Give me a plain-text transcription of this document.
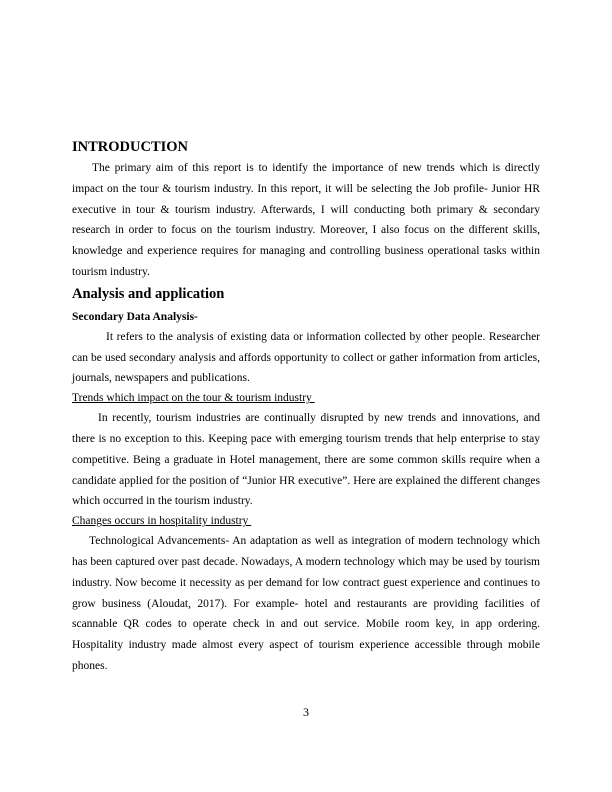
INTRODUCTION

The primary aim of this report is to identify the importance of new trends which is directly impact on the tour & tourism industry. In this report, it will be selecting the Job profile- Junior HR executive in tour & tourism industry. Afterwards, I will conducting both primary & secondary research in order to focus on the tourism industry. Moreover, I also focus on the different skills, knowledge and experience requires for managing and controlling business operational tasks within tourism industry.

Analysis and application
Secondary Data Analysis-

It refers to the analysis of existing data or information collected by other people. Researcher can be used secondary analysis and affords opportunity to collect or gather information from articles, journals, newspapers and publications.

Trends which impact on the tour & tourism industry

In recently, tourism industries are continually disrupted by new trends and innovations, and there is no exception to this. Keeping pace with emerging tourism trends that help enterprise to stay competitive. Being a graduate in Hotel management, there are some common skills require when a candidate applied for the position of “Junior HR executive”. Here are explained the different changes which occurred in the tourism industry.

Changes occurs in hospitality industry

Technological Advancements- An adaptation as well as integration of modern technology which has been captured over past decade. Nowadays, A modern technology which may be used by tourism industry. Now become it necessity as per demand for low contract guest experience and continues to grow business (Aloudat, 2017). For example- hotel and restaurants are providing facilities of scannable QR codes to operate check in and out service. Mobile room key, in app ordering. Hospitality industry made almost every aspect of tourism experience accessible through mobile phones.

3
